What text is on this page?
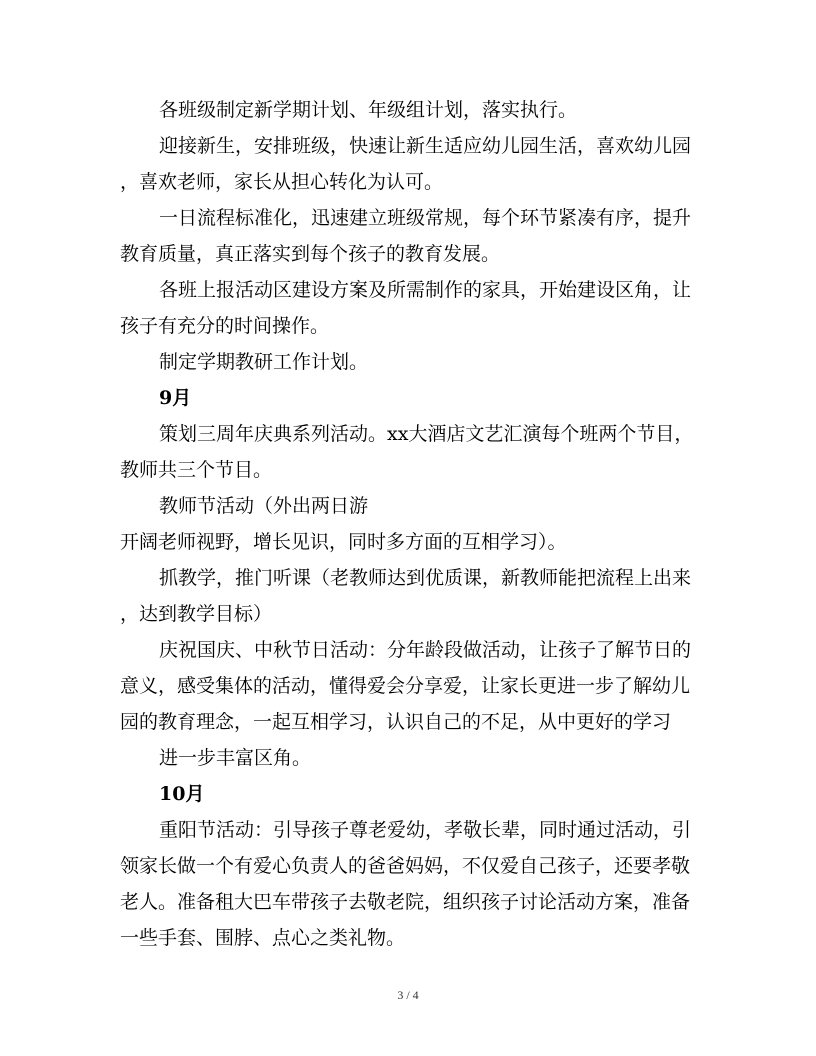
各班级制定新学期计划、年级组计划，落实执行。
迎接新生，安排班级，快速让新生适应幼儿园生活，喜欢幼儿园
，喜欢老师，家长从担心转化为认可。
一日流程标准化，迅速建立班级常规，每个环节紧凑有序，提升
教育质量，真正落实到每个孩子的教育发展。
各班上报活动区建设方案及所需制作的家具，开始建设区角，让
孩子有充分的时间操作。
制定学期教研工作计划。
9月
策划三周年庆典系列活动。xx大酒店文艺汇演每个班两个节目，
教师共三个节目。
教师节活动（外出两日游
开阔老师视野，增长见识，同时多方面的互相学习）。
抓教学，推门听课（老教师达到优质课，新教师能把流程上出来
，达到教学目标）
庆祝国庆、中秋节日活动：分年龄段做活动，让孩子了解节日的
意义，感受集体的活动，懂得爱会分享爱，让家长更进一步了解幼儿
园的教育理念，一起互相学习，认识自己的不足，从中更好的学习
进一步丰富区角。
10月
重阳节活动：引导孩子尊老爱幼，孝敬长辈，同时通过活动，引
领家长做一个有爱心负责人的爸爸妈妈，不仅爱自己孩子，还要孝敬
老人。准备租大巴车带孩子去敬老院，组织孩子讨论活动方案，准备
一些手套、围脖、点心之类礼物。
3 / 4
